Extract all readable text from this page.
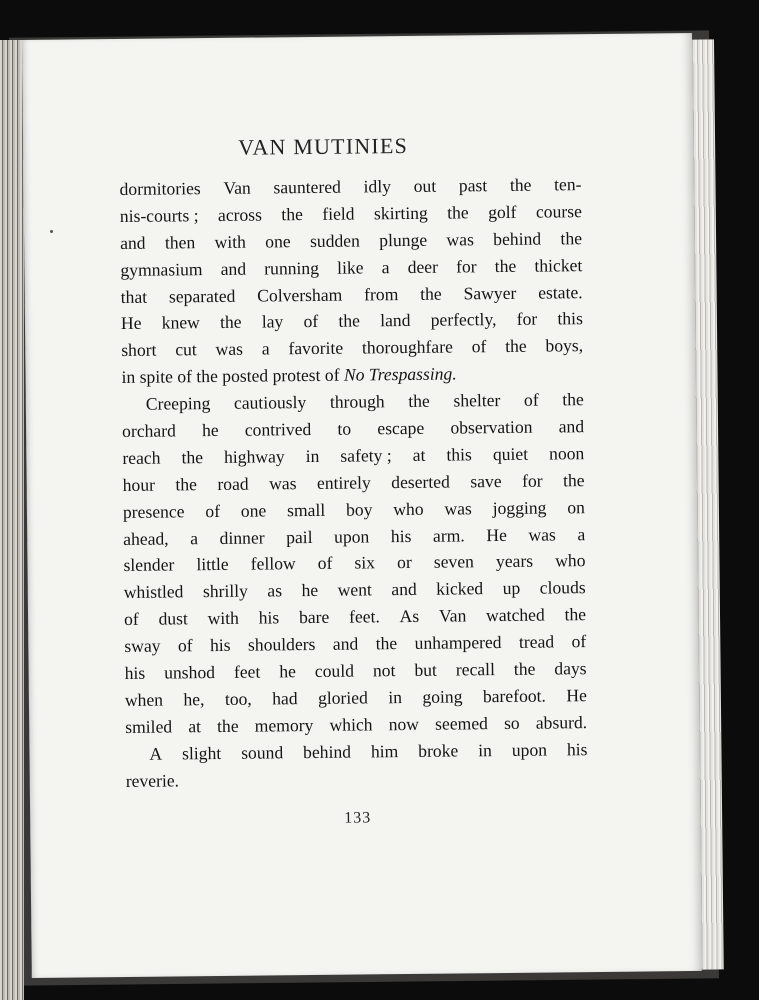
VAN MUTINIES
dormitories Van sauntered idly out past the ten-
nis-courts ; across the field skirting the golf course
and then with one sudden plunge was behind the
gymnasium and running like a deer for the thicket
that separated Colversham from the Sawyer estate.
He knew the lay of the land perfectly, for this
short cut was a favorite thoroughfare of the boys,
in
spite
of
the
posted
protest
of
No Trespassing.
Creeping cautiously through the shelter of the
orchard he contrived to escape observation and
reach the highway in safety ; at this quiet noon
hour the road was entirely deserted save for the
presence of one small boy who was jogging on
ahead, a dinner pail upon his arm. He was a
slender little fellow of six or seven years who
whistled shrilly as he went and kicked up clouds
of dust with his bare feet. As Van watched the
sway of his shoulders and the unhampered tread of
his unshod feet he could not but recall the days
when he, too, had gloried in going barefoot. He
smiled at the memory which now seemed so absurd.
A slight sound behind him broke in upon his
reverie.

133
